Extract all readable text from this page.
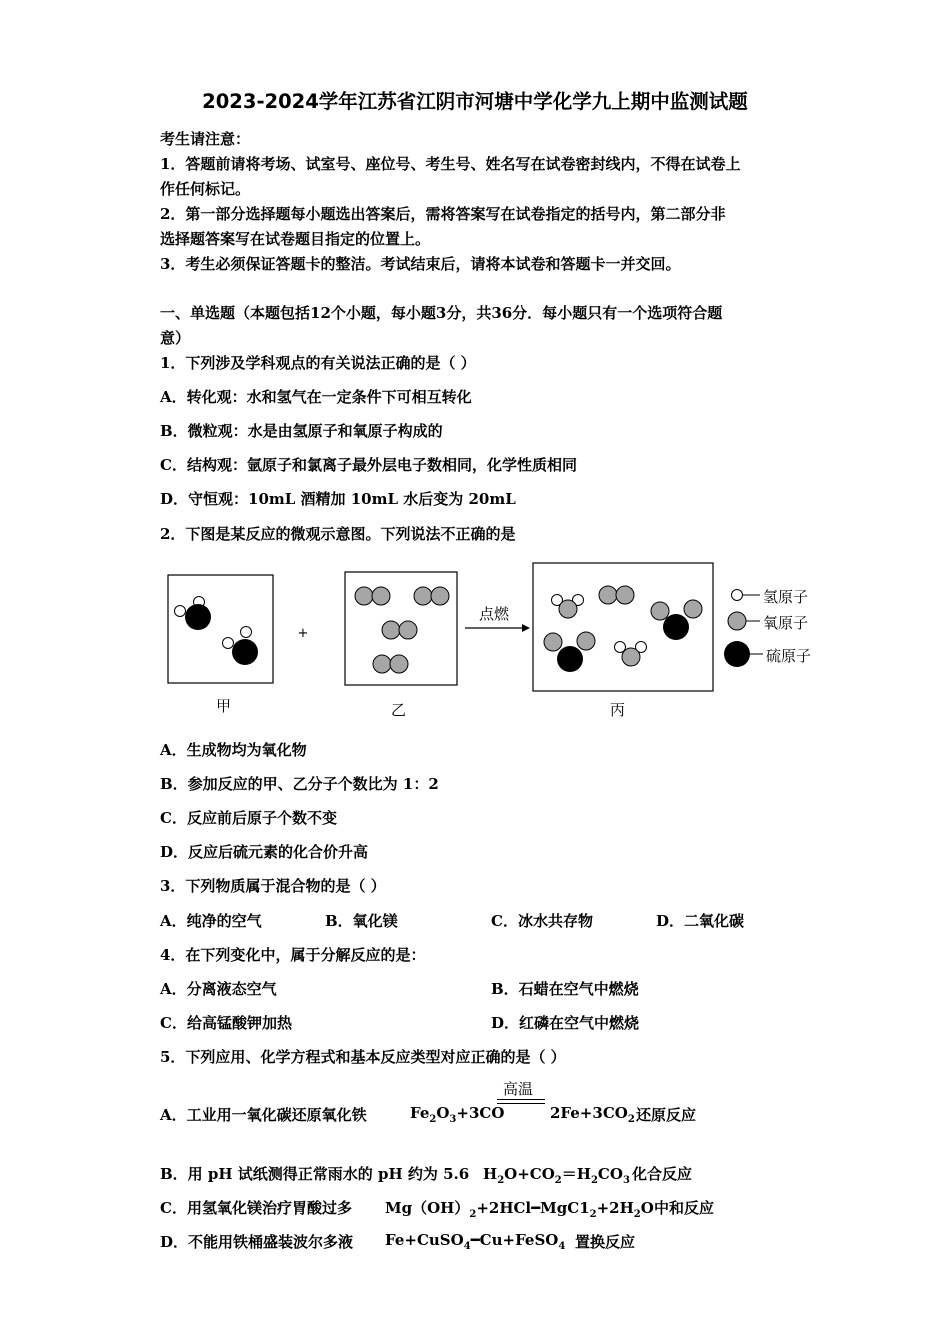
2023-2024学年江苏省江阴市河塘中学化学九上期中监测试题
考生请注意：
1．答题前请将考场、试室号、座位号、考生号、姓名写在试卷密封线内，不得在试卷上
作任何标记。
2．第一部分选择题每小题选出答案后，需将答案写在试卷指定的括号内，第二部分非
选择题答案写在试卷题目指定的位置上。
3．考生必须保证答题卡的整洁。考试结束后，请将本试卷和答题卡一并交回。
一、单选题（本题包括12个小题，每小题3分，共36分．每小题只有一个选项符合题
意）
1．下列涉及学科观点的有关说法正确的是（ ）
A．转化观：水和氢气在一定条件下可相互转化
B．微粒观：水是由氢原子和氧原子构成的
C．结构观：氩原子和氯离子最外层电子数相同，化学性质相同
D．守恒观：10mL 酒精加 10mL 水后变为 20mL
2．下图是某反应的微观示意图。下列说法不正确的是
+
点燃
氢原子
氧原子
硫原子
甲	乙	丙
A．生成物均为氧化物
B．参加反应的甲、乙分子个数比为 1：2
C．反应前后原子个数不变
D．反应后硫元素的化合价升高
3．下列物质属于混合物的是（ ）
A．纯净的空气	B．氧化镁	C．冰水共存物	D．二氧化碳
4．在下列变化中，属于分解反应的是：
A．分离液态空气	B．石蜡在空气中燃烧
C．给高锰酸钾加热	D．红磷在空气中燃烧
5．下列应用、化学方程式和基本反应类型对应正确的是（ ）
高温
A．工业用一氧化碳还原氧化铁	$Fe_2O_3+3CO$	$2Fe+3CO_2$ 还原反应
B．用 pH 试纸测得正常雨水的 pH 约为 5.6 $H_2O+CO_2=H_2CO_3$ 化合反应
C．用氢氧化镁治疗胃酸过多 $Mg(OH)_2+2HCl━MgC1_2+2H_2O$ 中和反应
D．不能用铁桶盛装波尔多液 Fe+CuSO$_4$━Cu+FeSO$_4$ 置换反应
